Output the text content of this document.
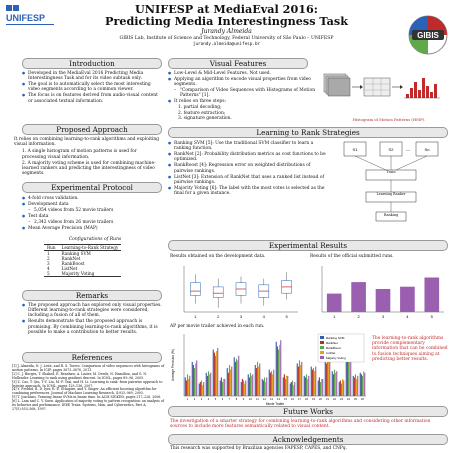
UNIFESP
UNIFESP at MediaEval 2016:
Predicting Media Interestingness Task
Jurandy Almeida
GIBIS Lab, Institute of Science and Technology, Federal University of São Paulo – UNIFESP
jurandy.almeida@unifesp.br
GIBIS
Introduction
● Developed in the MediaEval 2016 Predicting Media Interestingness Task and for its video subtask only.
● The goal is to automatically select the most interesting video segments according to a common viewer.
● The focus is on features derived from audio-visual content or associated textual information.
Visual Features
● Low-Level & Mid-Level Features. Not used.
● Applying an algorithm to encode visual properties from video segments.
– "Comparison of Video Sequences with Histograms of Motion Patterns" [1].
● It relies on three steps:
1. partial decoding;
2. feature extraction;
3. signature generation.	Histogram of Motion Patterns (HMP).
Proposed Approach
It relies on combining learning-to-rank algorithms and exploiting visual information.
1. A single histogram of motion patterns is used for processing visual information.
2. A majority voting scheme is used for combining machine-learned rankers and predicting the interestingness of video segments.
Learning to Rank Strategies
● Ranking SVM [5]: Use the traditional SVM classifier to learn a ranking function.
● RankNet [2]: Probability distribution metrics as cost functions to be optimized.
● RankBoost [4]: Regression error on weighted distributions of pairwise rankings.
● ListNet [3]: Extension of RankNet that uses a ranked list instead of pairwise rankings.
● Majority Voting [6]: The label with the most votes is selected as the final for a given instance.
S1	S2	Sn
…
Train
Learning Ranker
Ranking
Experimental Protocol
● 4-fold cross validation.
● Development data
– 5,054 videos from 52 movie trailers
● Test data
– 2,342 videos from 26 movie trailers
● Mean Average Precision (MAP)
Configurations of Runs
Run	Learning-to-Rank Strategy
1	Ranking SVM
2	RankNet
3	RankBoost
4	ListNet
5	Majority Voting
Experimental Results
Results obtained on the development data.	Results of the official submitted runs.
1	2	3	4	5	1	2	3	4	5
AP per movie trailer achieved in each run.
Average Precision (%)
Movie Trailer
1 2 3 4 5 6 7 8 9 10 11 12 13 14 15 16 17 18 19 20 21 22 23 24 25 26
Ranking SVM
RankNet
RankBoost
ListNet
Majority Voting
The learning-to-rank algorithms provide complementary information that can be combined to fusion techniques aiming at predicting better results.
Remarks
● The proposed approach has explored only visual properties. Different learning-to-rank strategies were considered, including a fusion of all of them.
● Results demonstrate that the proposed approach is promising. By combining learning-to-rank algorithms, it is possible to make a contribution to better results.
References
[1] J. Almeida, N. J. Leite, and R. S. Torres. Comparison of video sequences with histograms of motion patterns. In ICIP, pages 3673–3676, 2011.
[2] C. J. Burges, T. Shaked, E. Renshaw, A. Lazier, M. Deeds, N. Hamilton, and G. N. Hullender. Learning to rank using gradient descent. In ICML, pages 89–96, 2005.
[3] Z. Cao, T. Qin, T.-Y. Liu, M.-F. Tsai, and H. Li. Learning to rank: from pairwise approach to listwise approach. In ICML, pages 129–136, 2007.
[4] Y. Freund, R. D. Iyer, R. E. Schapire, and Y. Singer. An efficient boosting algorithm for combining preferences. Journal of Machine Learning Research, 4:933–969, 2003.
[5] T. Joachims. Training linear SVMs in linear time. In ACM SIGKDD, pages 217–226, 2006.
[6] L. Lam and C. Y. Suen. Application of majority voting to pattern recognition: an analysis of its behavior and performance. IEEE Trans. Systems, Man, and Cybernetics, Part A, 27(5):553–568, 1997.	Future Works
The investigation of a smarter strategy for combining learning-to-rank algorithms and considering other information sources to include more features semantically related to visual content.
Acknowledgements
This research was supported by Brazilian agencies FAPESP, CAPES, and CNPq.
